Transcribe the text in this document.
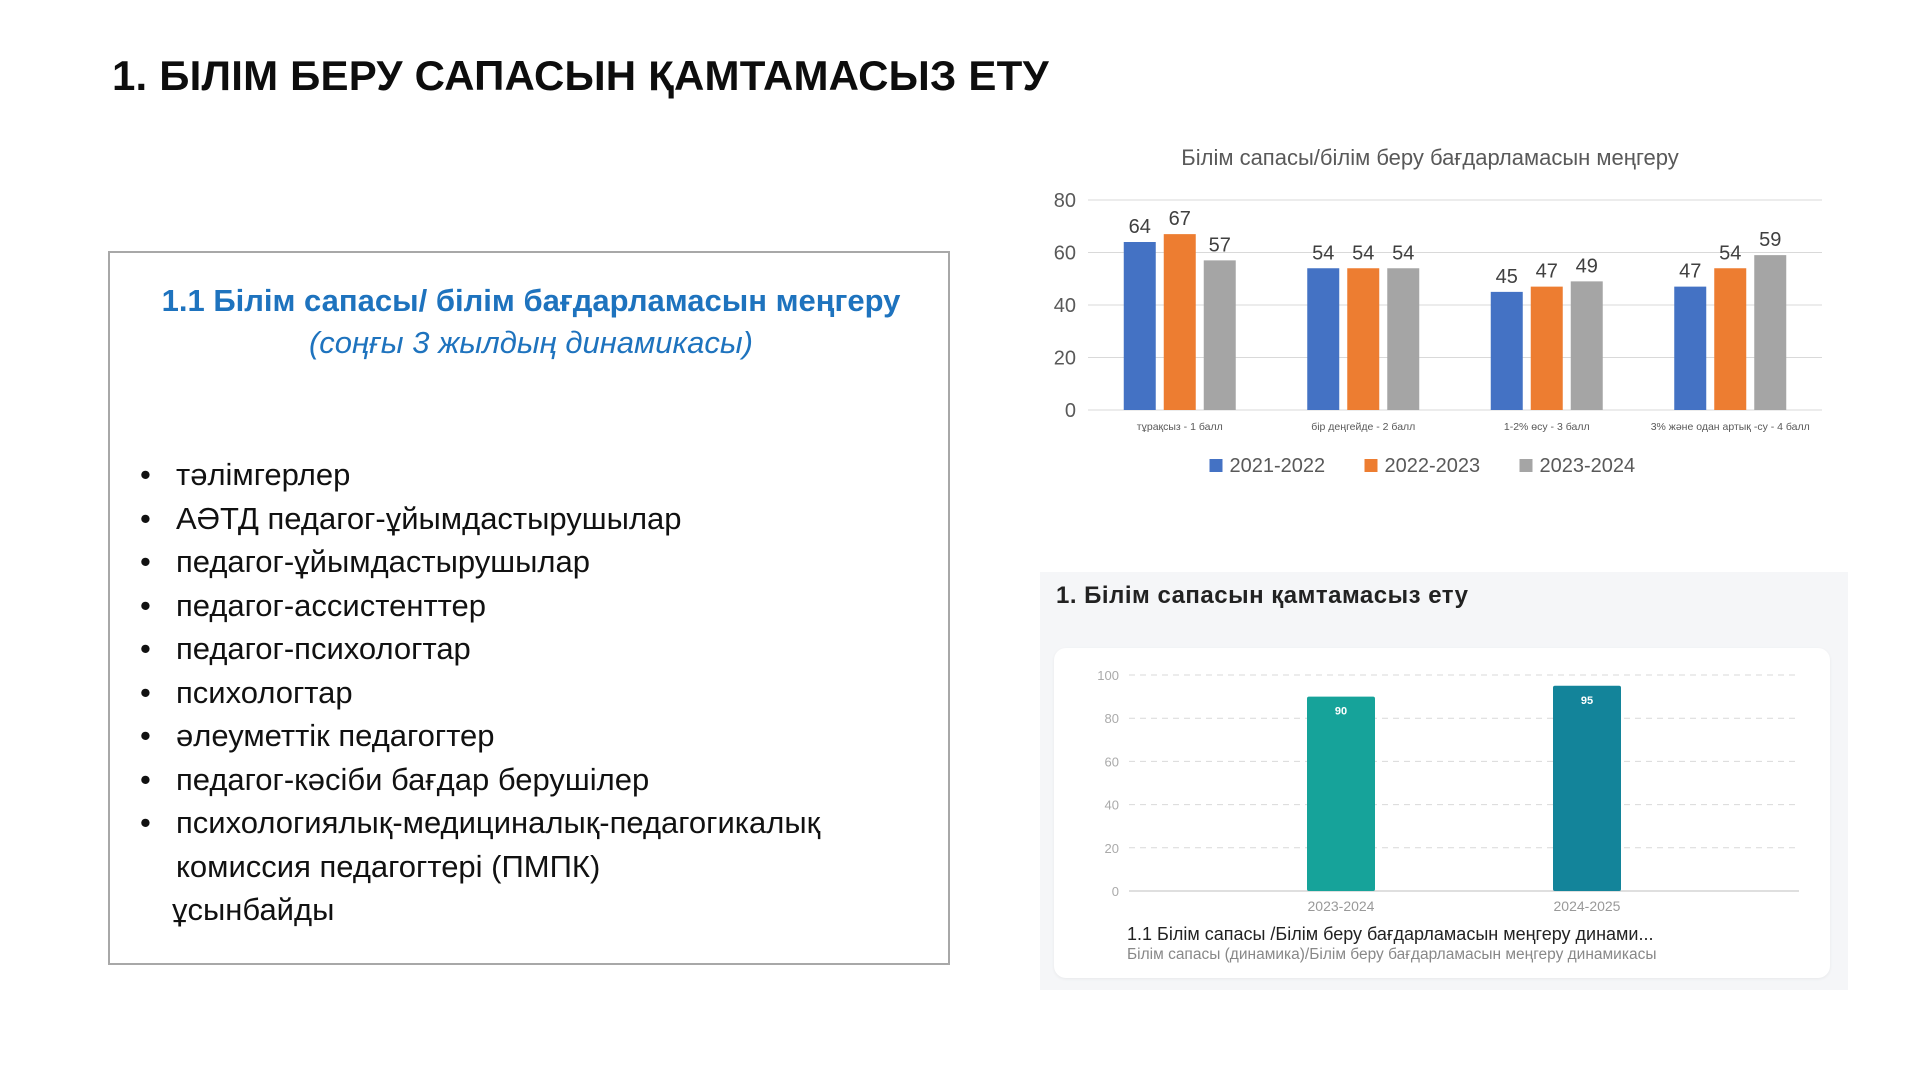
1. БІЛІМ БЕРУ САПАСЫН ҚАМТАМАСЫЗ ЕТУ
1.1 Білім сапасы/ білім бағдарламасын меңгеру
(соңғы 3 жылдың динамикасы)
• тәлімгерлер
• АӘТД педагог-ұйымдастырушылар
• педагог-ұйымдастырушылар
• педагог-ассистенттер
• педагог-психологтар
• психологтар
• әлеуметтік педагогтер
• педагог-кәсіби бағдар берушілер
• психологиялық-медициналық-педагогикалық
комиссия педагогтері (ПМПК)
ұсынбайды
Білім сапасы/білім беру бағдарламасын меңгеру
0
20
40
60
80
64 67
57
тұрақсыз - 1 балл
54 54 54
бір деңгейде - 2 балл
45 47 49
1-2% өсу - 3 балл
47
54
59
3% және одан артық -су - 4 балл
2021-2022	2022-2023	2023-2024
1. Білім сапасын қамтамасыз ету
0
20
40
60
80
100
90
2023-2024
95
2024-2025
1.1 Білім сапасы /Білім беру бағдарламасын меңгеру динами...
Білім сапасы (динамика)/Білім беру бағдарламасын меңгеру динамикасы
